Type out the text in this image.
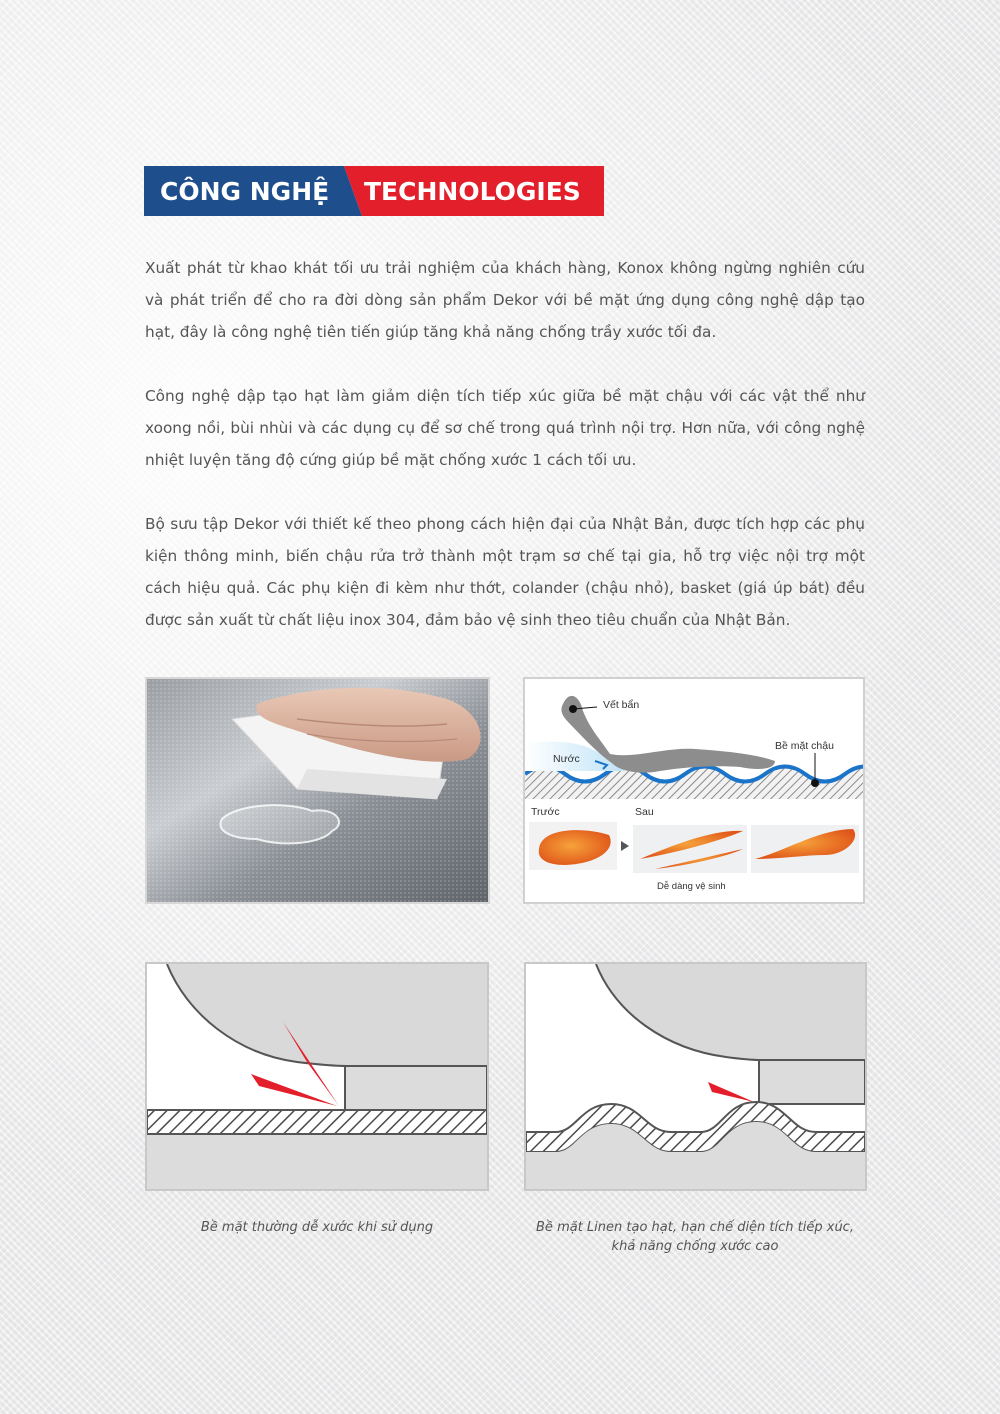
CÔNG NGHỆ TECHNOLOGIES

Xuất phát từ khao khát tối ưu trải nghiệm của khách hàng, Konox không ngừng nghiên cứu và phát triển để cho ra đời dòng sản phẩm Dekor với bề mặt ứng dụng công nghệ dập tạo hạt, đây là công nghệ tiên tiến giúp tăng khả năng chống trầy xước tối đa.

Công nghệ dập tạo hạt làm giảm diện tích tiếp xúc giữa bề mặt chậu với các vật thể như xoong nồi, bùi nhùi và các dụng cụ để sơ chế trong quá trình nội trợ. Hơn nữa, với công nghệ nhiệt luyện tăng độ cứng giúp bề mặt chống xước 1 cách tối ưu.

Bộ sưu tập Dekor với thiết kế theo phong cách hiện đại của Nhật Bản, được tích hợp các phụ kiện thông minh, biến chậu rửa trở thành một trạm sơ chế tại gia, hỗ trợ việc nội trợ một cách hiệu quả. Các phụ kiện đi kèm như thớt, colander (chậu nhỏ), basket (giá úp bát) đều được sản xuất từ chất liệu inox 304, đảm bảo vệ sinh theo tiêu chuẩn của Nhật Bản.

Vết bẩn
Bề mặt chậu
Nước
Trước	Sau
Dễ dàng vệ sinh

Bề mặt thường dễ xước khi sử dụng	Bề mặt Linen tạo hạt, hạn chế diện tích tiếp xúc,
khả năng chống xước cao
